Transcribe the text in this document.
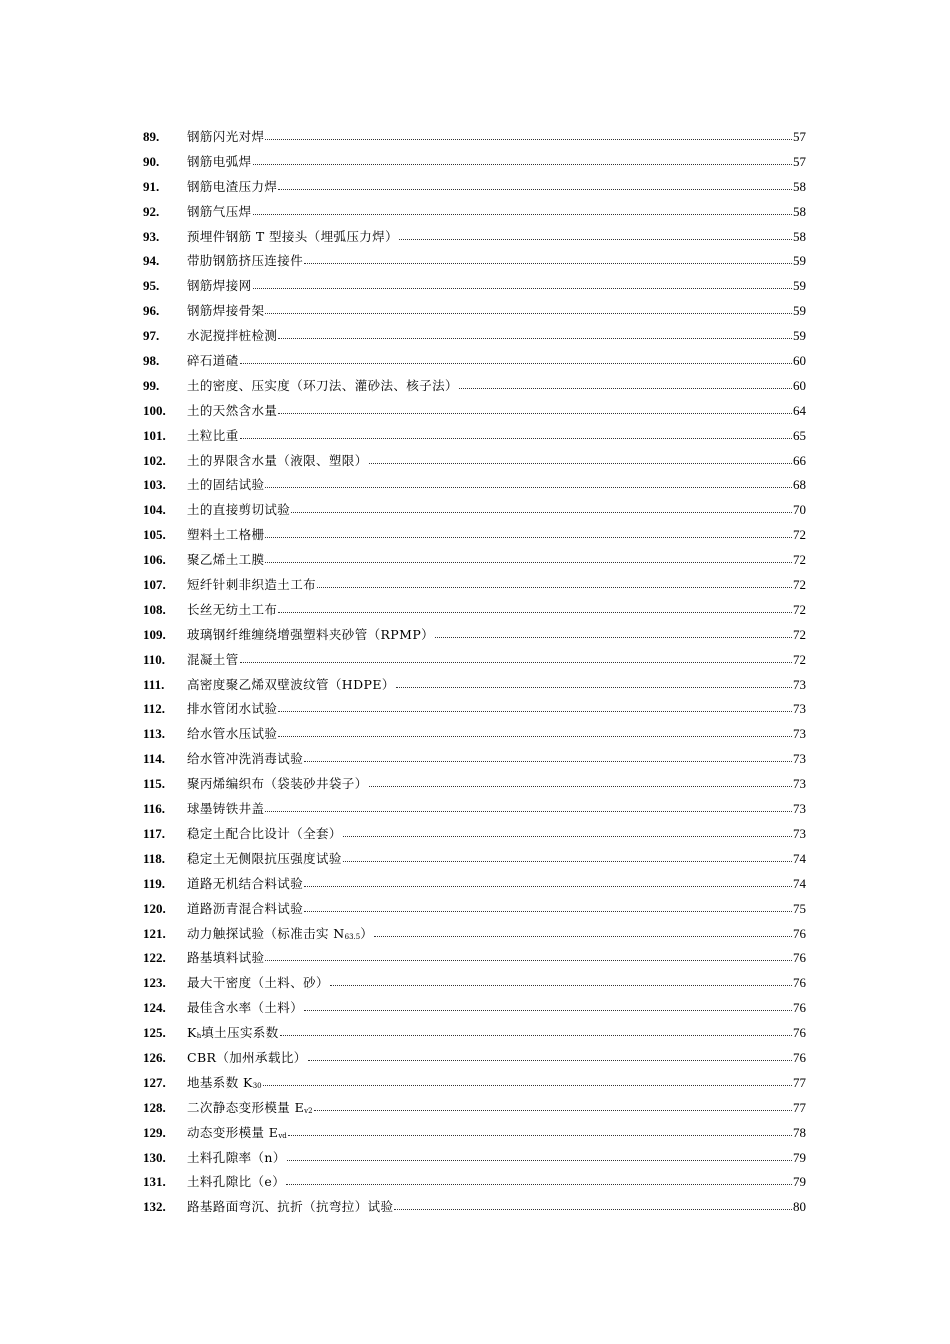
89.	钢筋闪光对焊	57
90.	钢筋电弧焊	57
91.	钢筋电渣压力焊	58
92.	钢筋气压焊	58
93.	预埋件钢筋 T 型接头（埋弧压力焊）	58
94.	带肋钢筋挤压连接件	59
95.	钢筋焊接网	59
96.	钢筋焊接骨架	59
97.	水泥搅拌桩检测	59
98.	碎石道碴	60
99.	土的密度、压实度（环刀法、灌砂法、核子法）	60
100.	土的天然含水量	64
101.	土粒比重	65
102.	土的界限含水量（液限、塑限）	66
103.	土的固结试验	68
104.	土的直接剪切试验	70
105.	塑料土工格栅	72
106.	聚乙烯土工膜	72
107.	短纤针刺非织造土工布	72
108.	长丝无纺土工布	72
109.	玻璃钢纤维缠绕增强塑料夹砂管（RPMP）	72
110.	混凝土管	72
111.	高密度聚乙烯双壁波纹管（HDPE）	73
112.	排水管闭水试验	73
113.	给水管水压试验	73
114.	给水管冲洗消毒试验	73
115.	聚丙烯编织布（袋装砂井袋子）	73
116.	球墨铸铁井盖	73
117.	稳定土配合比设计（全套）	73
118.	稳定土无侧限抗压强度试验	74
119.	道路无机结合料试验	74
120.	道路沥青混合料试验	75
121.	动力触探试验（标准击实 $N_{63.5}$）	76
122.	路基填料试验	76
123.	最大干密度（土料、砂）	76
124.	最佳含水率（土料）	76
125.	$K_h$填土压实系数	76
126.	CBR（加州承载比）	76
127.	地基系数 $K_{30}$	77
128.	二次静态变形模量 $E_{v2}$	77
129.	动态变形模量 $E_{vd}$	78
130.	土料孔隙率（n）	79
131.	土料孔隙比（e）	79
132.	路基路面弯沉、抗折（抗弯拉）试验	80
